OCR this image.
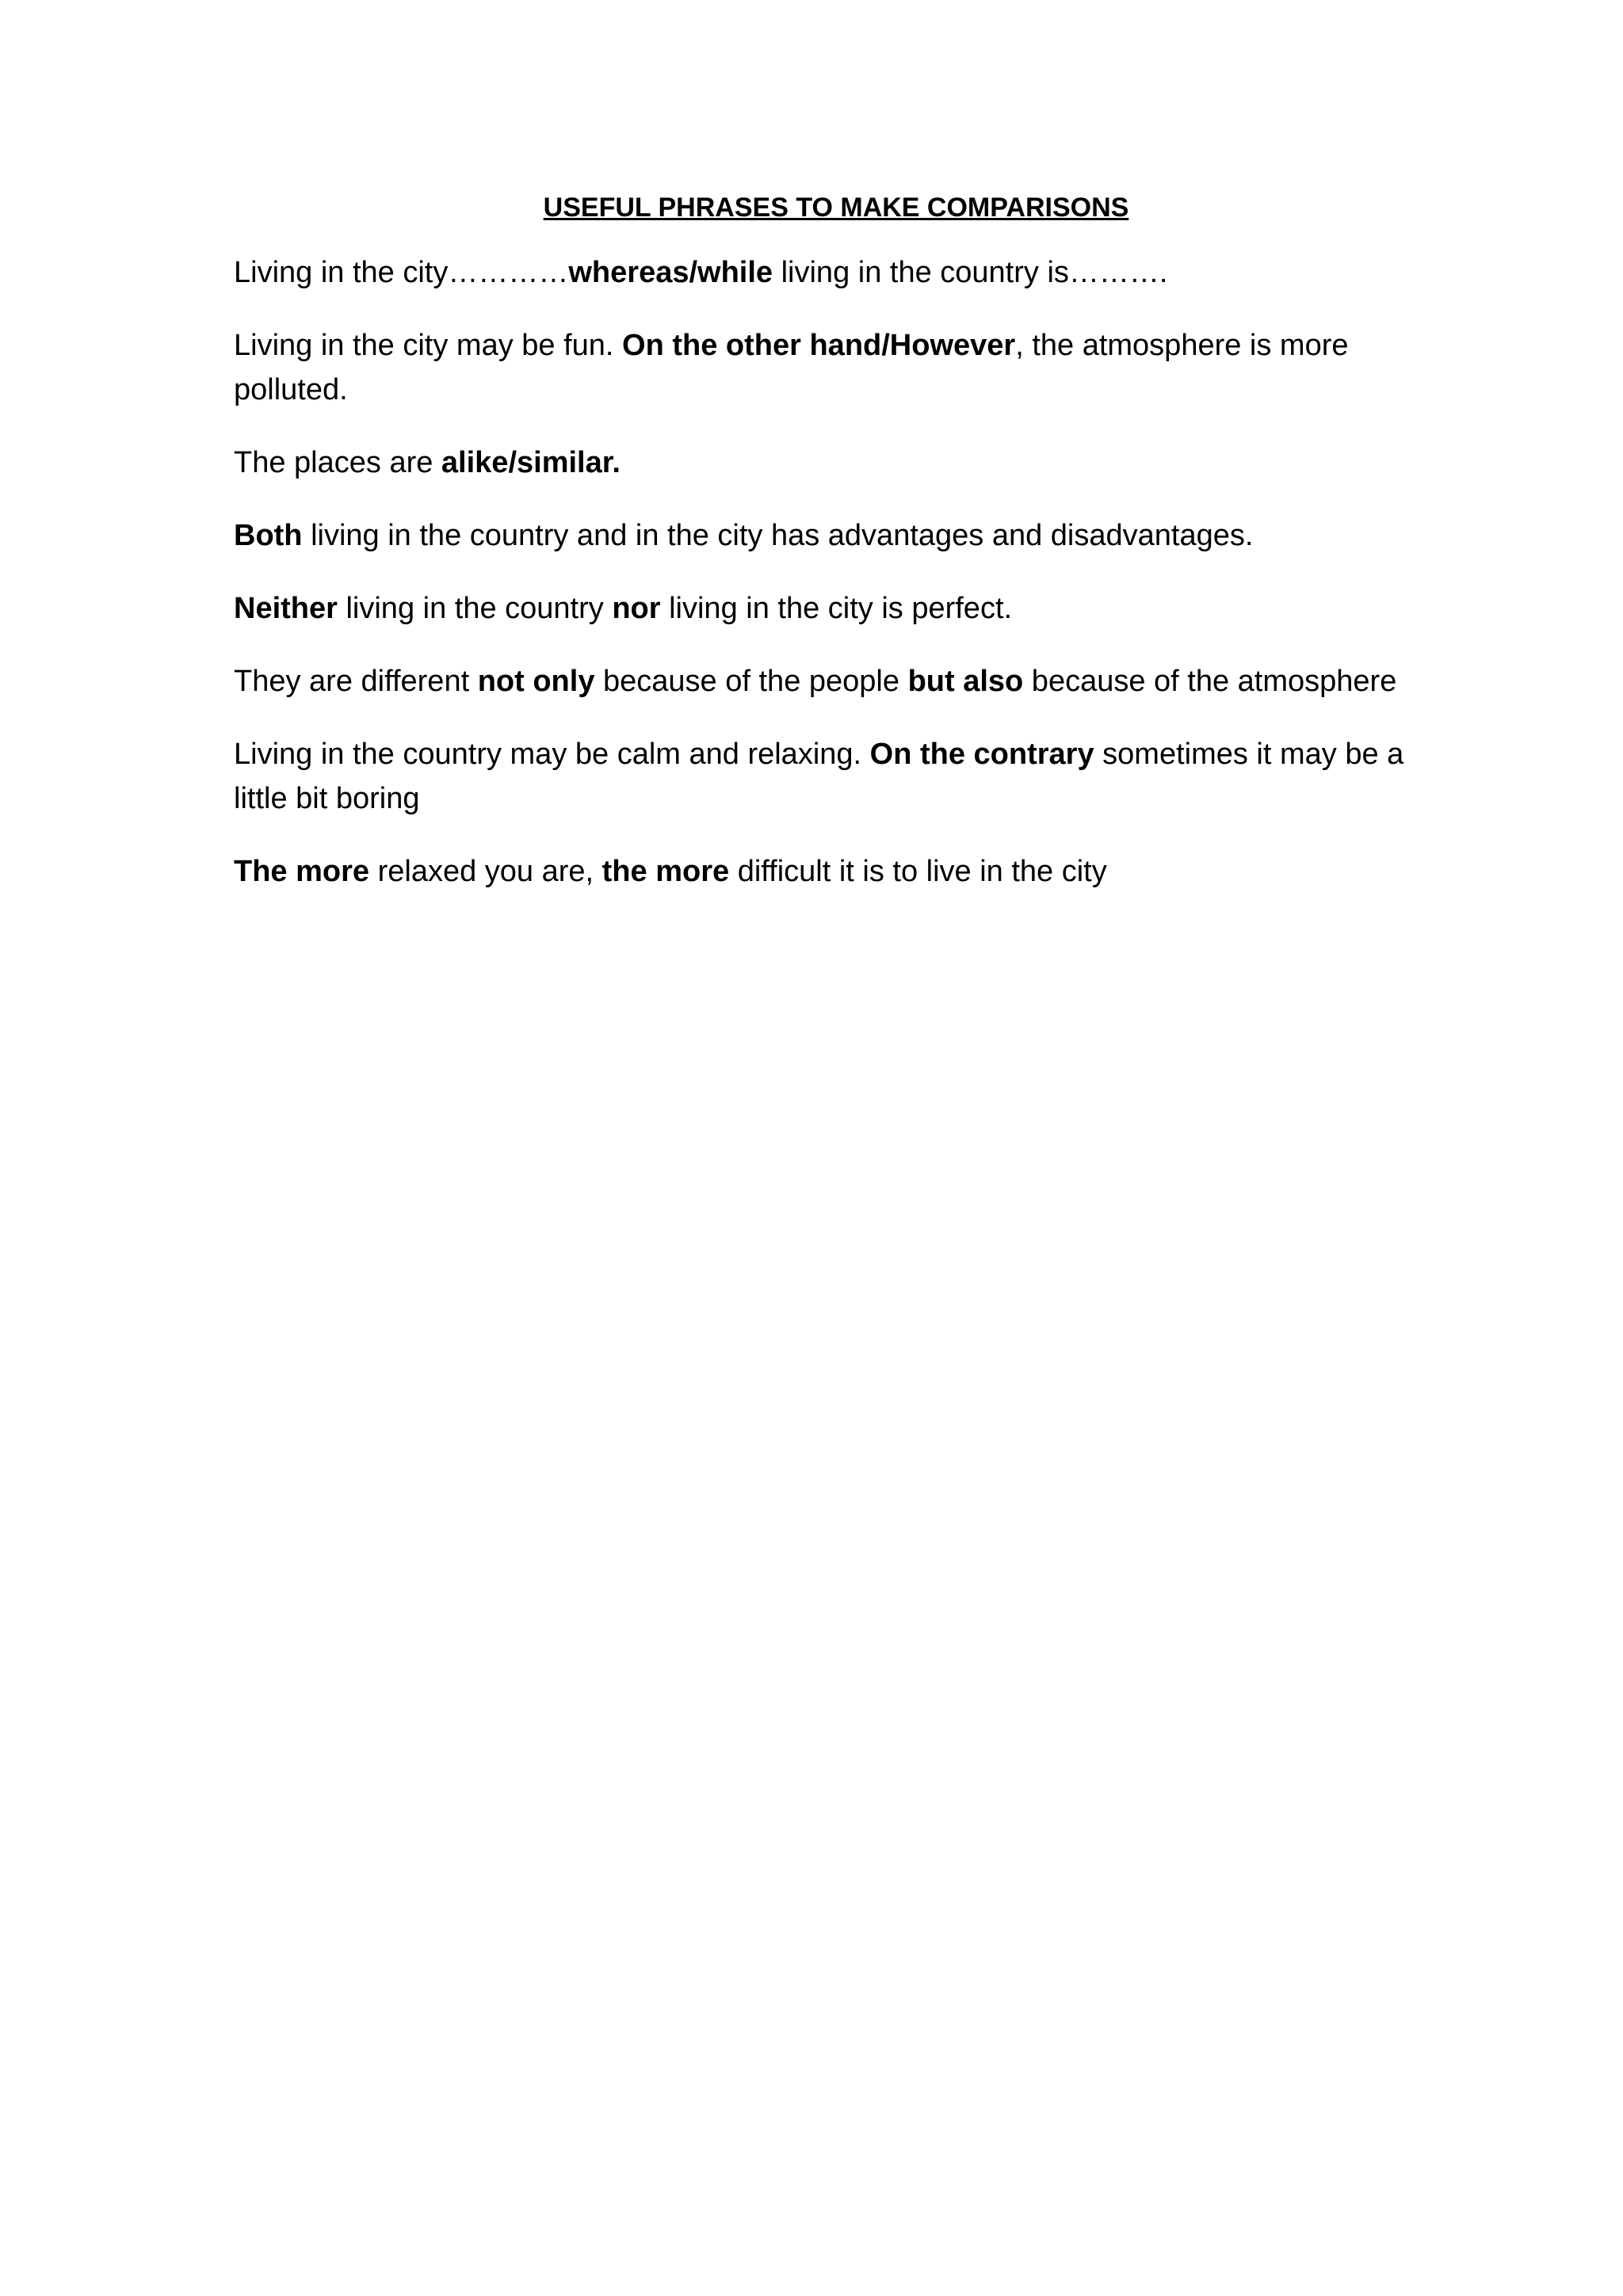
USEFUL PHRASES TO MAKE COMPARISONS

Living in the city…………whereas/while living in the country is……….

Living in the city may be fun. On the other hand/However, the atmosphere is more polluted.

The places are alike/similar.

Both living in the country and in the city has advantages and disadvantages.

Neither living in the country nor living in the city is perfect.

They are different not only because of the people but also because of the atmosphere

Living in the country may be calm and relaxing. On the contrary sometimes it may be a little bit boring

The more relaxed you are, the more difficult it is to live in the city
